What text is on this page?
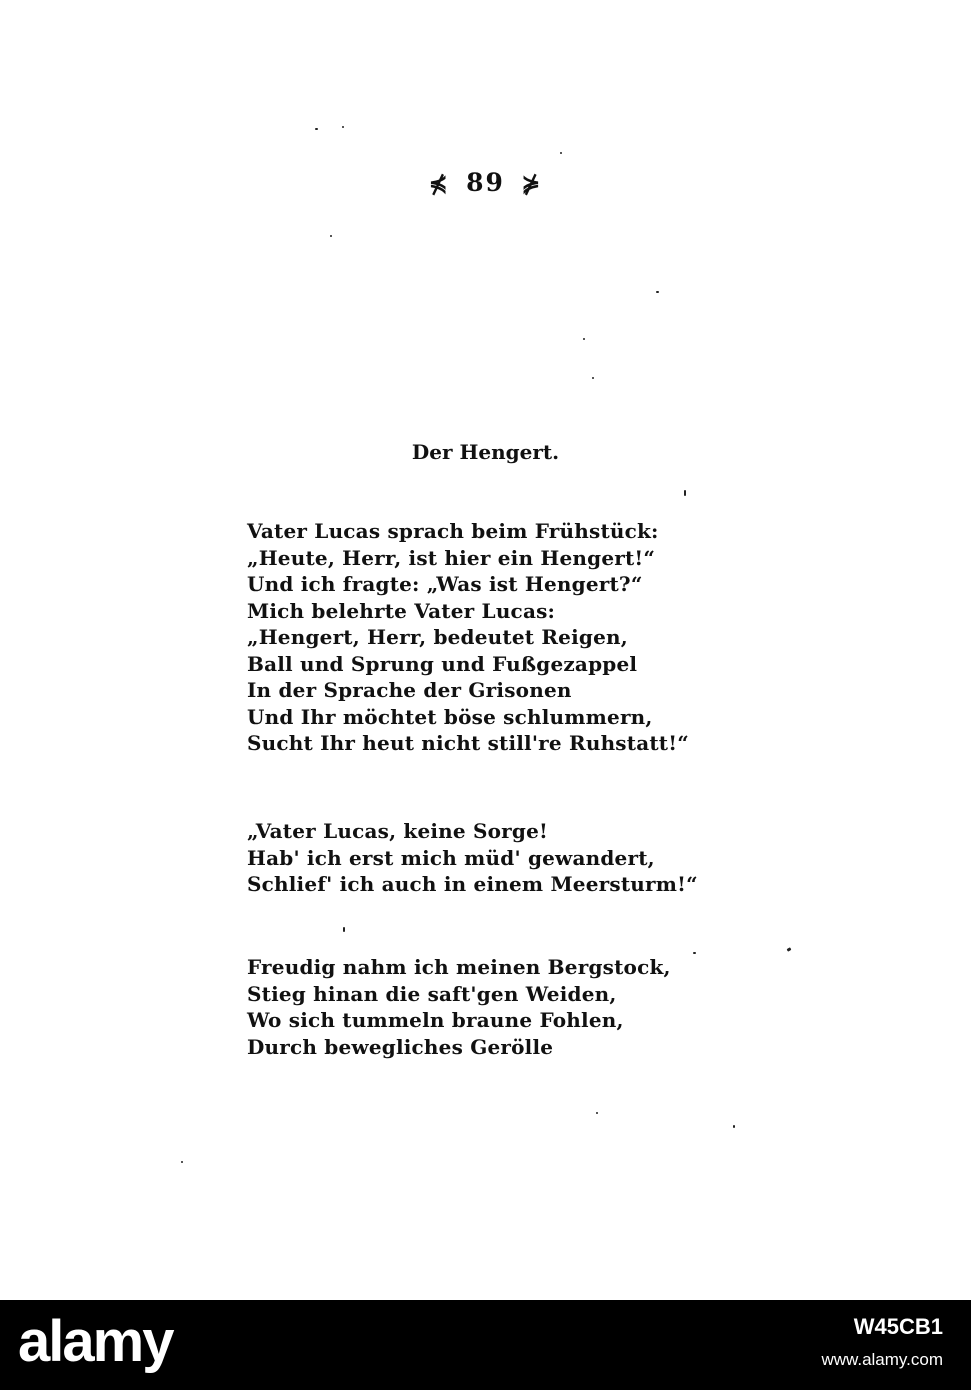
⋠ 89 ⋡
Der Hengert.
Vater Lucas sprach beim Frühstück:
„Heute, Herr, ist hier ein Hengert!“
Und ich fragte: „Was ist Hengert?“
Mich belehrte Vater Lucas:
„Hengert, Herr, bedeutet Reigen,
Ball und Sprung und Fußgezappel
In der Sprache der Grisonen
Und Ihr möchtet böse schlummern,
Sucht Ihr heut nicht still're Ruhstatt!“
„Vater Lucas, keine Sorge!
Hab' ich erst mich müd' gewandert,
Schlief' ich auch in einem Meersturm!“
Freudig nahm ich meinen Bergstock,
Stieg hinan die saft'gen Weiden,
Wo sich tummeln braune Fohlen,
Durch bewegliches Gerölle
alamy	W45CB1
www.alamy.com
